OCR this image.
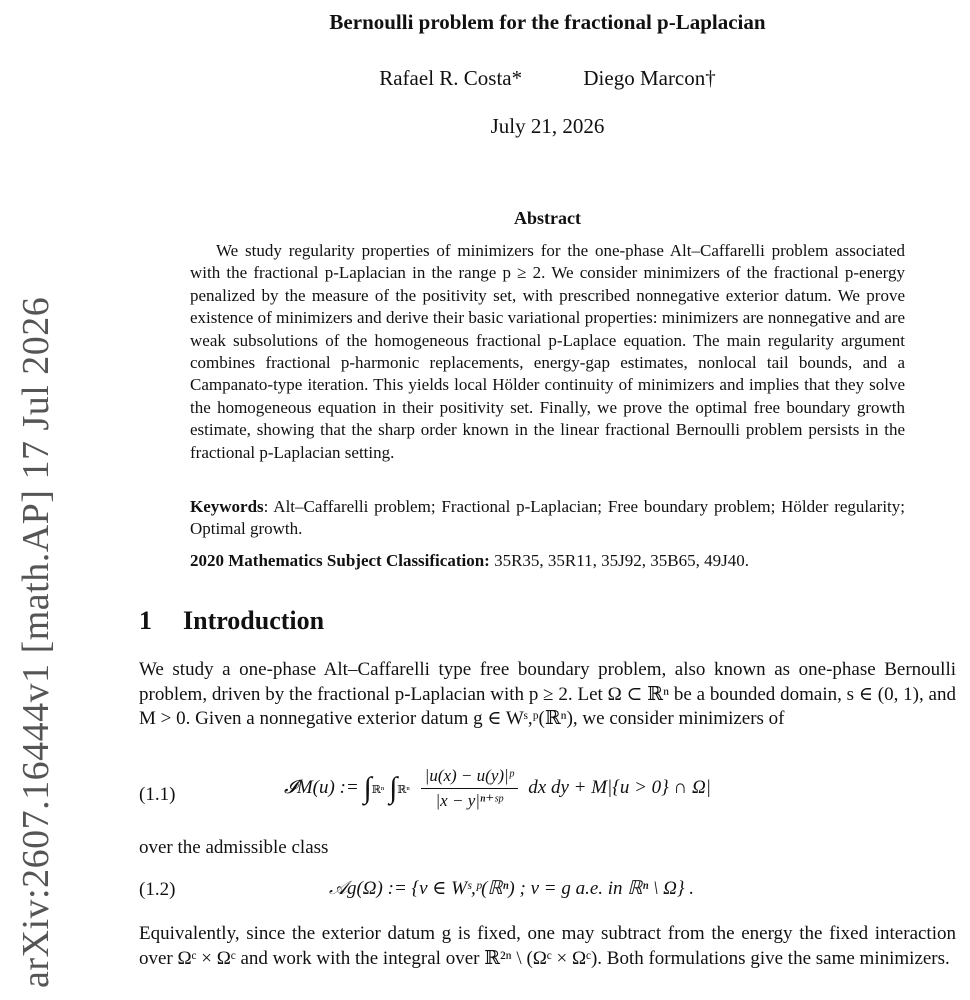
arXiv:2607.16444v1 [math.AP] 17 Jul 2026
Bernoulli problem for the fractional p-Laplacian
Rafael R. Costa*	Diego Marcon†
July 21, 2026
Abstract
We study regularity properties of minimizers for the one-phase Alt–Caffarelli problem associated with the fractional p-Laplacian in the range p ≥ 2. We consider minimizers of the fractional p-energy penalized by the measure of the positivity set, with prescribed nonnegative exterior datum. We prove existence of minimizers and derive their basic variational properties: minimizers are nonnegative and are weak subsolutions of the homogeneous fractional p-Laplace equation. The main regularity argument combines fractional p-harmonic replacements, energy-gap estimates, nonlocal tail bounds, and a Campanato-type iteration. This yields local Hölder continuity of minimizers and implies that they solve the homogeneous equation in their positivity set. Finally, we prove the optimal free boundary growth estimate, showing that the sharp order known in the linear fractional Bernoulli problem persists in the fractional p-Laplacian setting.
Keywords: Alt–Caffarelli problem; Fractional p-Laplacian; Free boundary problem; Hölder regularity; Optimal growth.
2020 Mathematics Subject Classification: 35R35, 35R11, 35J92, 35B65, 49J40.
1 Introduction
We study a one-phase Alt–Caffarelli type free boundary problem, also known as one-phase Bernoulli problem, driven by the fractional p-Laplacian with p ≥ 2. Let Ω ⊂ ℝⁿ be a bounded domain, s ∈ (0, 1), and M > 0. Given a nonnegative exterior datum g ∈ Wˢ,ᵖ(ℝⁿ), we consider minimizers of
(1.1)	𝓘M(u) := ∫ℝⁿ ∫ℝⁿ $\frac{\text{|u(x) − u(y)|ᵖ}}{\text{|x − y|ⁿ⁺ˢᵖ}}$ dx dy + M|{u > 0} ∩ Ω|
over the admissible class
(1.2)	𝒜g(Ω) := {v ∈ Wˢ,ᵖ(ℝⁿ) ; v = g a.e. in ℝⁿ \ Ω} .
Equivalently, since the exterior datum g is fixed, one may subtract from the energy the fixed interaction over Ωᶜ × Ωᶜ and work with the integral over ℝ²ⁿ \ (Ωᶜ × Ωᶜ). Both formulations give the same minimizers.
